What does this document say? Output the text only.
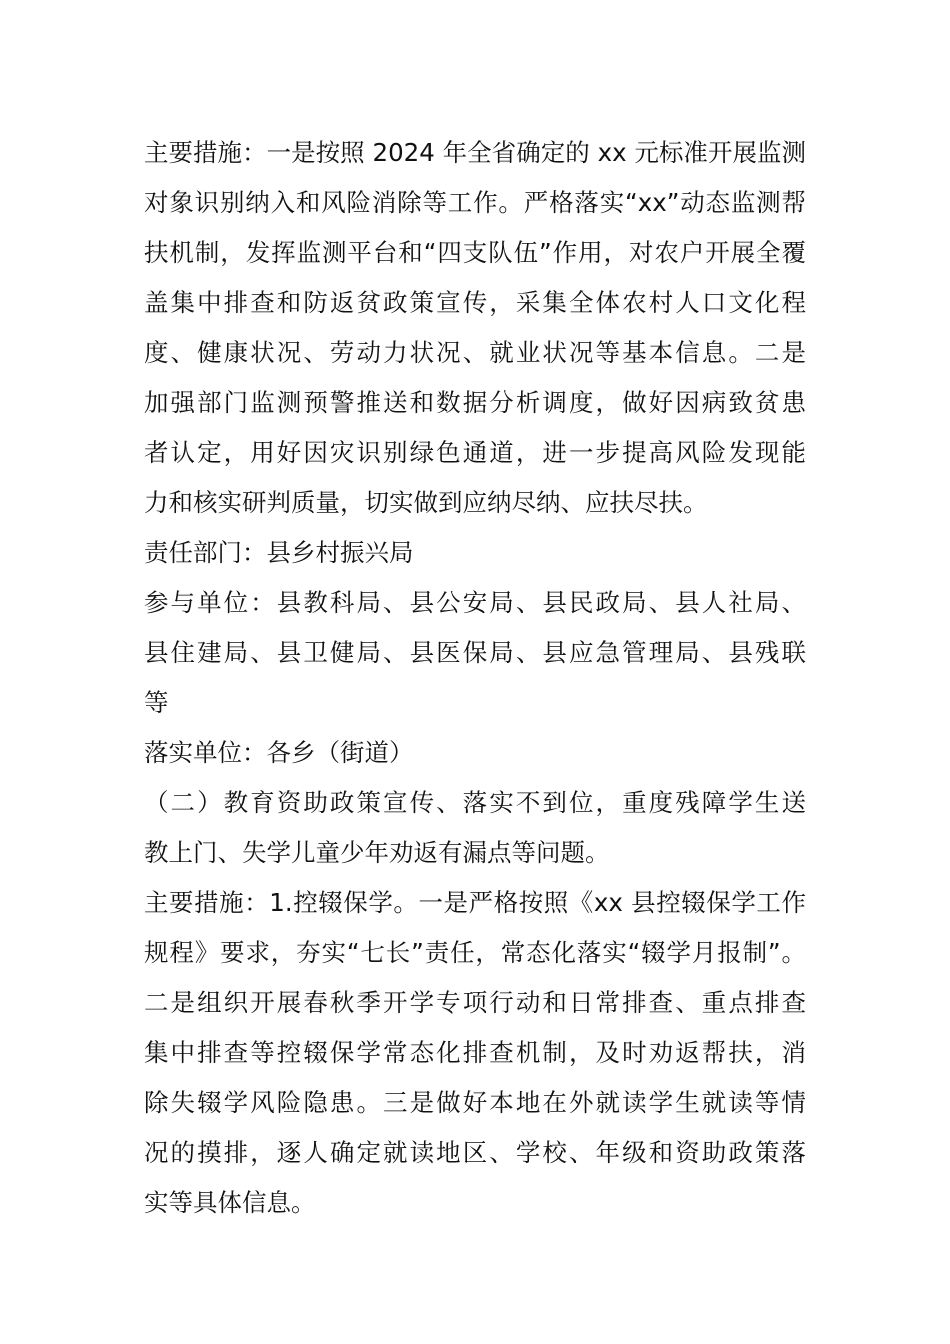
主要措施：一是按照 2024 年全省确定的 xx 元标准开展监测
对象识别纳入和风险消除等工作。严格落实“xx”动态监测帮
扶机制，发挥监测平台和“四支队伍”作用，对农户开展全覆
盖集中排查和防返贫政策宣传，采集全体农村人口文化程
度、健康状况、劳动力状况、就业状况等基本信息。二是
加强部门监测预警推送和数据分析调度，做好因病致贫患
者认定，用好因灾识别绿色通道，进一步提高风险发现能
力和核实研判质量，切实做到应纳尽纳、应扶尽扶。
责任部门：县乡村振兴局
参与单位：县教科局、县公安局、县民政局、县人社局、
县住建局、县卫健局、县医保局、县应急管理局、县残联
等
落实单位：各乡（街道）
（二）教育资助政策宣传、落实不到位，重度残障学生送
教上门、失学儿童少年劝返有漏点等问题。
主要措施：1.控辍保学。一是严格按照《xx 县控辍保学工作
规程》要求，夯实“七长”责任，常态化落实“辍学月报制”。
二是组织开展春秋季开学专项行动和日常排查、重点排查
集中排查等控辍保学常态化排查机制，及时劝返帮扶，消
除失辍学风险隐患。三是做好本地在外就读学生就读等情
况的摸排，逐人确定就读地区、学校、年级和资助政策落
实等具体信息。
